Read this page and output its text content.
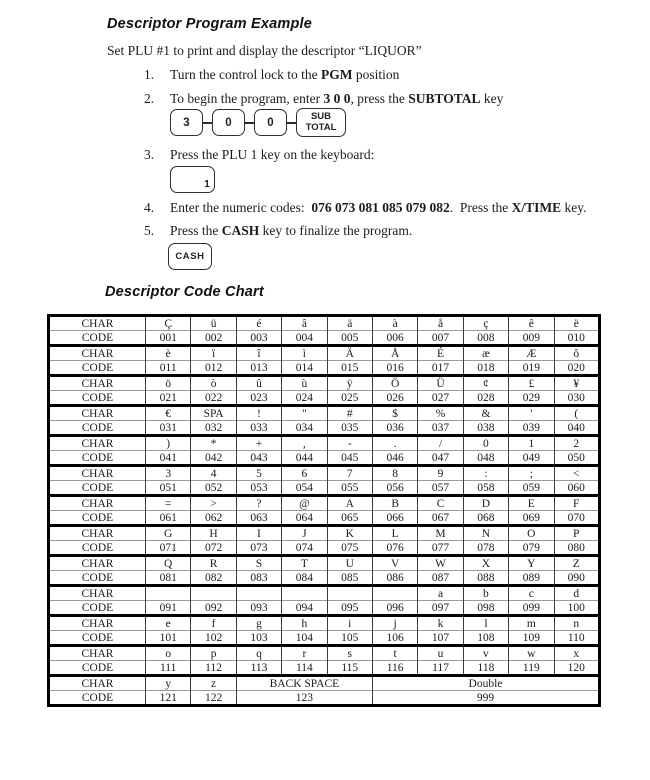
Descriptor Program Example

Set PLU #1 to print and display the descriptor “LIQUOR”

1. Turn the control lock to the PGM position
2. To begin the program, enter 3 0 0, press the SUBTOTAL key
3	0	0	SUB
TOTAL
3. Press the PLU 1 key on the keyboard:
1
4. Enter the numeric codes:  076 073 081 085 079 082.  Press the X/TIME key.
5. Press the CASH key to finalize the program.
CASH
Descriptor Code Chart
CHAR	Ç	ü	é	â	ä	à	å	ç	ê	ë
CODE	001	002	003	004	005	006	007	008	009	010
CHAR	è	ï	î	ì	Ä	Å	É	æ	Æ	ô
CODE	011	012	013	014	015	016	017	018	019	020
CHAR	ö	ò	û	ù	ÿ	Ö	Ü	¢	£	¥
CODE	021	022	023	024	025	026	027	028	029	030
CHAR	€	SPA	!	"	#	$	%	&	'	(
CODE	031	032	033	034	035	036	037	038	039	040
CHAR	)	*	+	,	-	.	/	0	1	2
CODE	041	042	043	044	045	046	047	048	049	050
CHAR	3	4	5	6	7	8	9	:	;	<
CODE	051	052	053	054	055	056	057	058	059	060
CHAR	=	>	?	@	A	B	C	D	E	F
CODE	061	062	063	064	065	066	067	068	069	070
CHAR	G	H	I	J	K	L	M	N	O	P
CODE	071	072	073	074	075	076	077	078	079	080
CHAR	Q	R	S	T	U	V	W	X	Y	Z
CODE	081	082	083	084	085	086	087	088	089	090
CHAR							a	b	c	d
CODE	091	092	093	094	095	096	097	098	099	100
CHAR	e	f	g	h	i	j	k	l	m	n
CODE	101	102	103	104	105	106	107	108	109	110
CHAR	o	p	q	r	s	t	u	v	w	x
CODE	111	112	113	114	115	116	117	118	119	120
CHAR	y	z	BACK SPACE			Double				
CODE	121	122	123			999				
